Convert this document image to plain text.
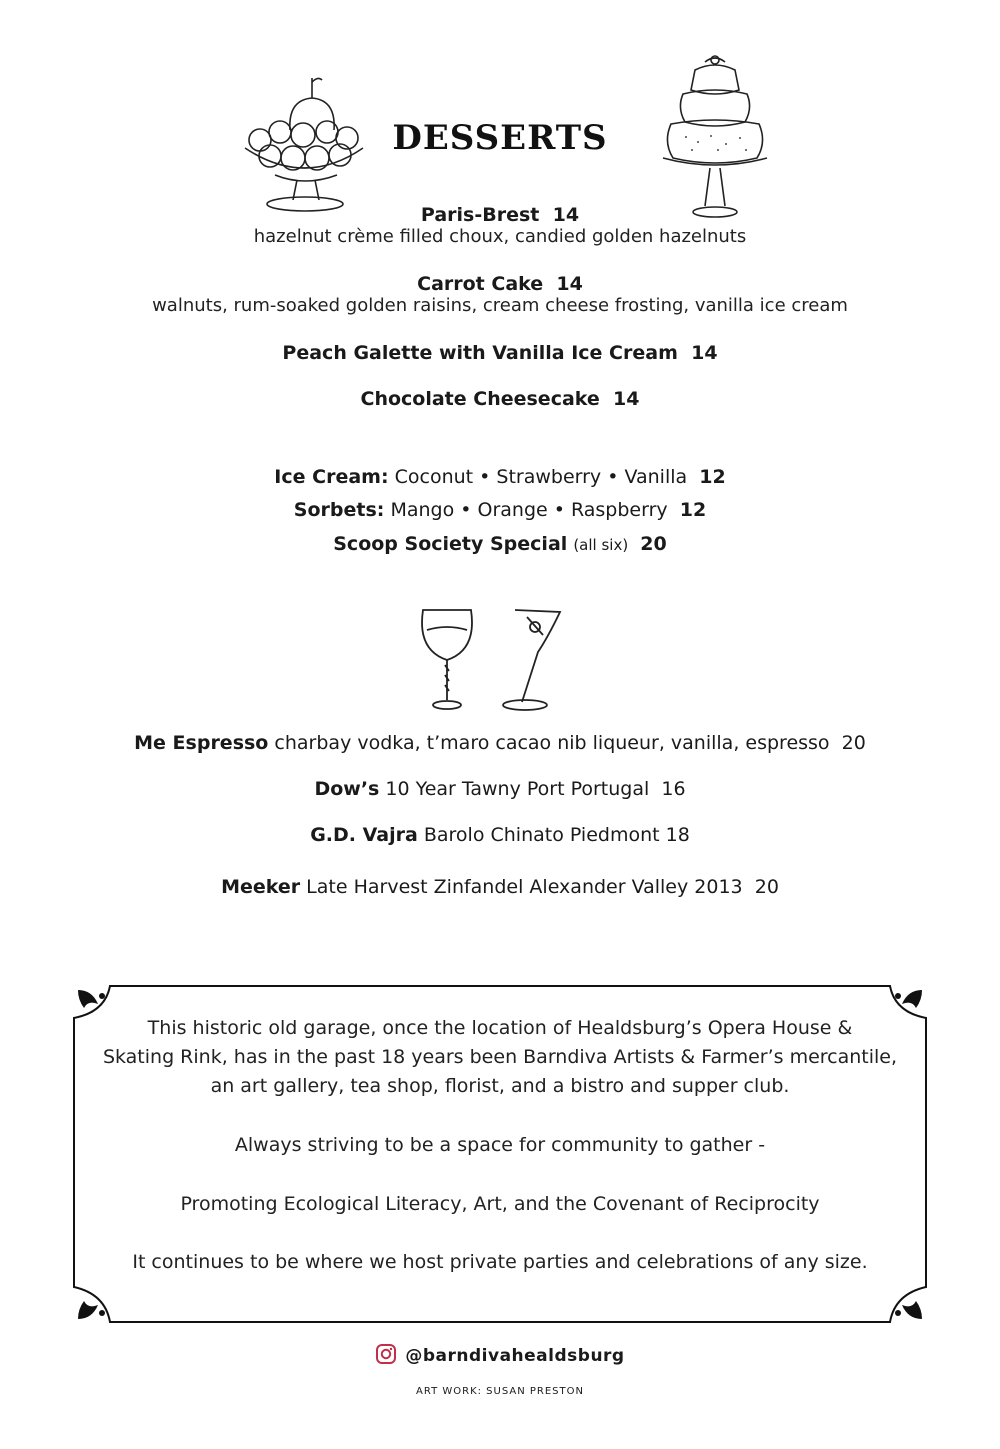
DESSERTS
Paris-Brest 14
hazelnut crème filled choux, candied golden hazelnuts
Carrot Cake 14
walnuts, rum-soaked golden raisins, cream cheese frosting, vanilla ice cream
Peach Galette with Vanilla Ice Cream 14
Chocolate Cheesecake 14
Ice Cream: Coconut • Strawberry • Vanilla 12
Sorbets: Mango • Orange • Raspberry 12
Scoop Society Special (all six) 20
Me Espresso charbay vodka, t’maro cacao nib liqueur, vanilla, espresso 20
Dow’s 10 Year Tawny Port Portugal 16
G.D. Vajra Barolo Chinato Piedmont 18
Meeker Late Harvest Zinfandel Alexander Valley 2013 20
This historic old garage, once the location of Healdsburg’s Opera House &
Skating Rink, has in the past 18 years been Barndiva Artists & Farmer’s mercantile,
an art gallery, tea shop, florist, and a bistro and supper club.
Always striving to be a space for community to gather -
Promoting Ecological Literacy, Art, and the Covenant of Reciprocity
It continues to be where we host private parties and celebrations of any size.
@barndivahealdsburg
ART WORK: SUSAN PRESTON
